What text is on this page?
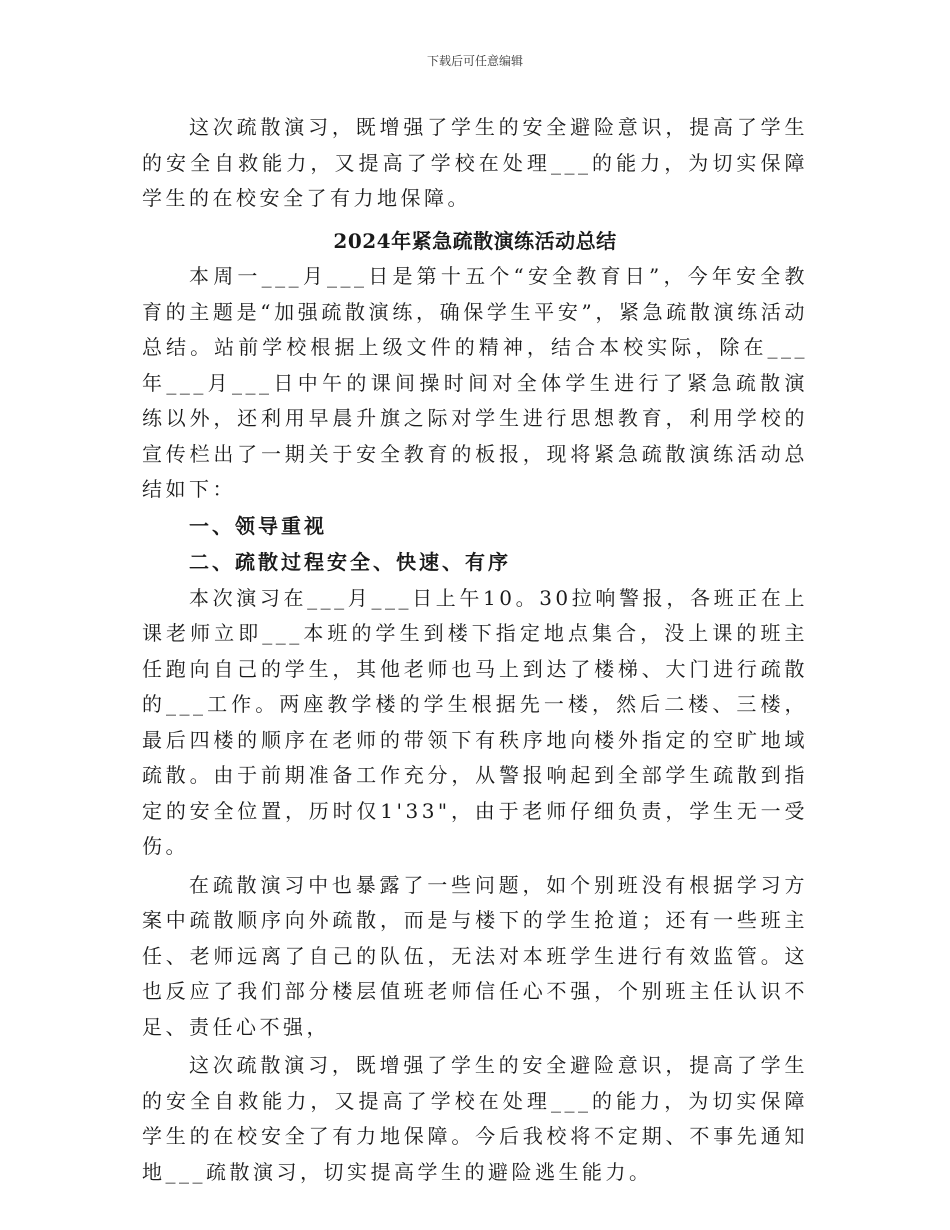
下载后可任意编辑

这次疏散演习，既增强了学生的安全避险意识，提高了学生的安全自救能力，又提高了学校在处理___的能力，为切实保障学生的在校安全了有力地保障。

2024年紧急疏散演练活动总结

本周一___月___日是第十五个“安全教育日”，今年安全教育的主题是“加强疏散演练，确保学生平安”，紧急疏散演练活动总结。站前学校根据上级文件的精神，结合本校实际，除在___年___月___日中午的课间操时间对全体学生进行了紧急疏散演练以外，还利用早晨升旗之际对学生进行思想教育，利用学校的宣传栏出了一期关于安全教育的板报，现将紧急疏散演练活动总结如下：

一、领导重视

二、疏散过程安全、快速、有序

本次演习在___月___日上午10。30拉响警报，各班正在上课老师立即___本班的学生到楼下指定地点集合，没上课的班主任跑向自己的学生，其他老师也马上到达了楼梯、大门进行疏散的___工作。两座教学楼的学生根据先一楼，然后二楼、三楼，最后四楼的顺序在老师的带领下有秩序地向楼外指定的空旷地域疏散。由于前期准备工作充分，从警报响起到全部学生疏散到指定的安全位置，历时仅1'33"，由于老师仔细负责，学生无一受伤。

在疏散演习中也暴露了一些问题，如个别班没有根据学习方案中疏散顺序向外疏散，而是与楼下的学生抢道；还有一些班主任、老师远离了自己的队伍，无法对本班学生进行有效监管。这也反应了我们部分楼层值班老师信任心不强，个别班主任认识不足、责任心不强，

这次疏散演习，既增强了学生的安全避险意识，提高了学生的安全自救能力，又提高了学校在处理___的能力，为切实保障学生的在校安全了有力地保障。今后我校将不定期、不事先通知地___疏散演习，切实提高学生的避险逃生能力。
